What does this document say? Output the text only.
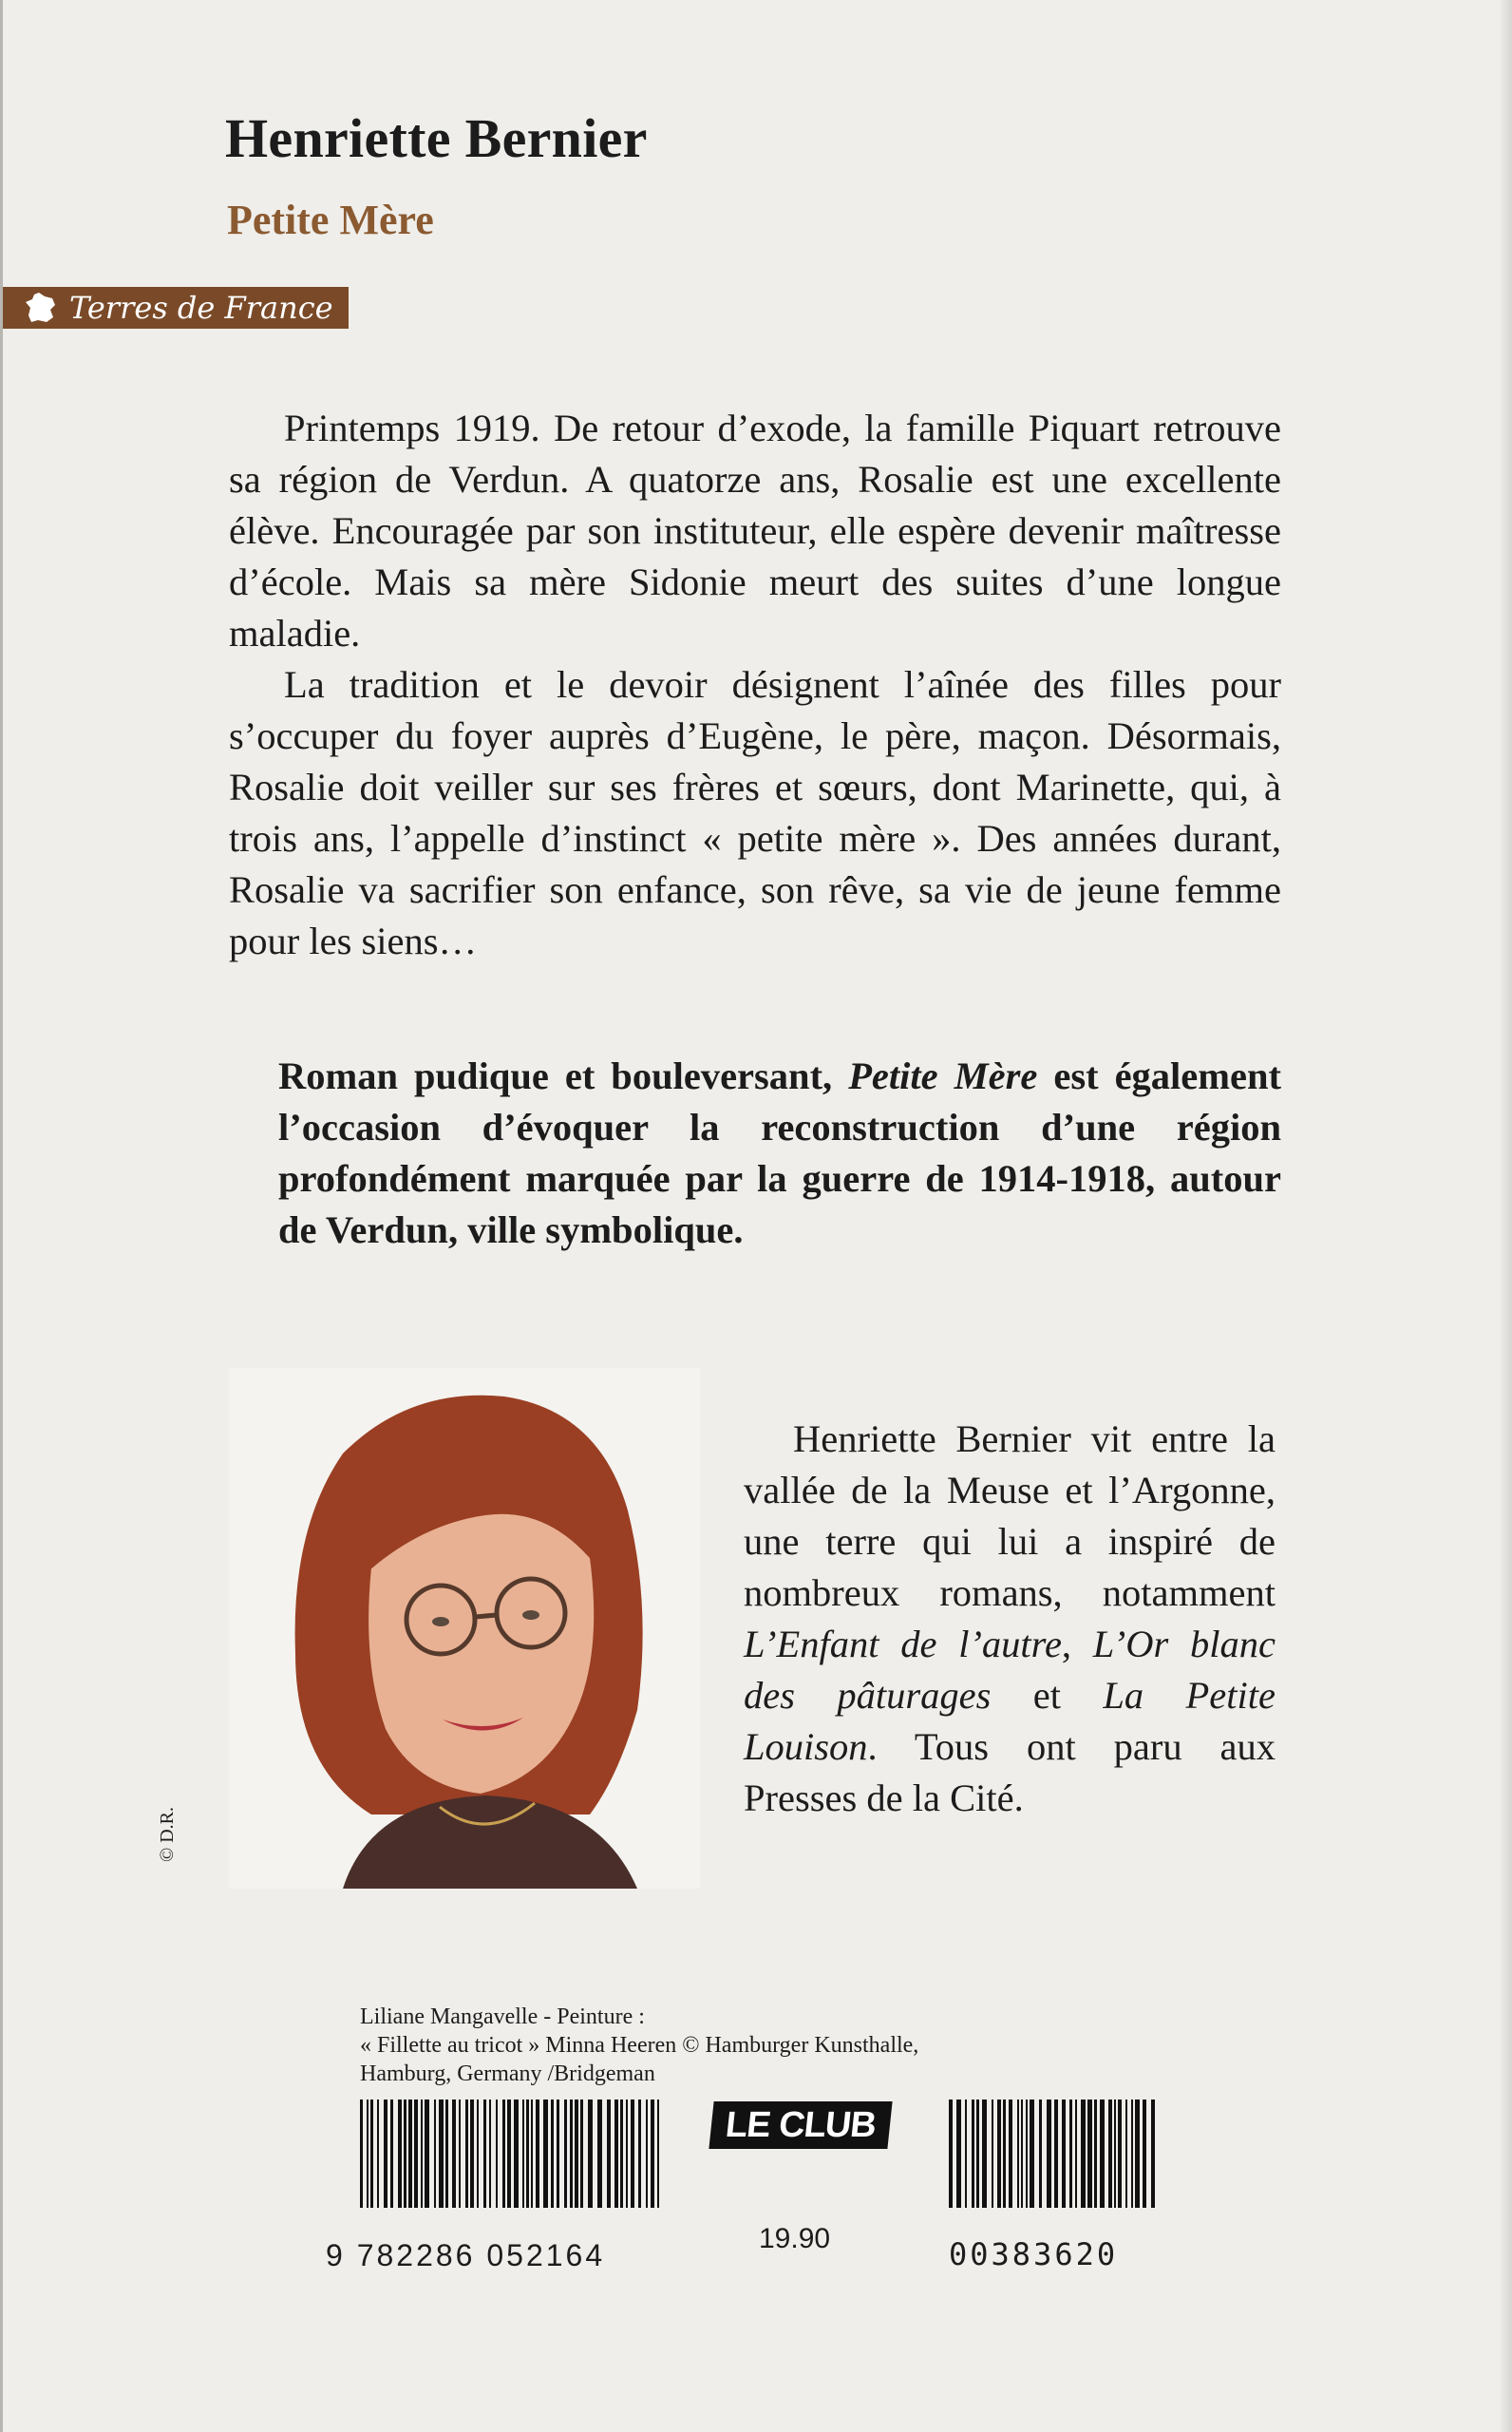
Henriette Bernier
Petite Mère
Terres de France

Printemps 1919. De retour d’exode, la famille Piquart retrouve sa région de Verdun. A quatorze ans, Rosalie est une excellente élève. Encouragée par son instituteur, elle espère devenir maîtresse d’école. Mais sa mère Sidonie meurt des suites d’une longue maladie.

La tradition et le devoir désignent l’aînée des filles pour s’occuper du foyer auprès d’Eugène, le père, maçon. Désormais, Rosalie doit veiller sur ses frères et sœurs, dont Marinette, qui, à trois ans, l’appelle d’instinct « petite mère ». Des années durant, Rosalie va sacrifier son enfance, son rêve, sa vie de jeune femme pour les siens…

Roman pudique et bouleversant, Petite Mère est également l’occasion d’évoquer la reconstruction d’une région profondément marquée par la guerre de 1914-1918, autour de Verdun, ville symbolique.

© D.R.

Henriette Bernier vit entre la vallée de la Meuse et l’Argonne, une terre qui lui a inspiré de nombreux romans, notamment L’Enfant de l’autre, L’Or blanc des pâturages et La Petite Louison. Tous ont paru aux Presses de la Cité.

Liliane Mangavelle - Peinture :
« Fillette au tricot » Minna Heeren © Hamburger Kunsthalle,
Hamburg, Germany /Bridgeman
9 782286 052164
LE CLUB
19.90	00383620
